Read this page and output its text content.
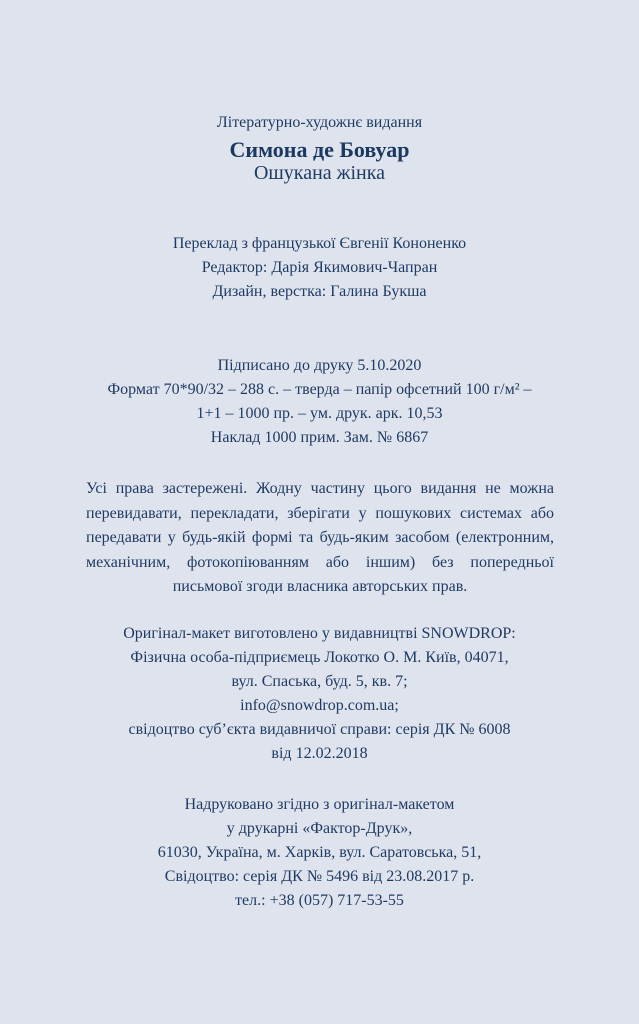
Літературно-художнє видання
Симона де Бовуар
Ошукана жінка
Переклад з французької Євгенії Кононенко
Редактор: Дарія Якимович-Чапран
Дизайн, верстка: Галина Букша
Підписано до друку 5.10.2020
Формат 70*90/32 – 288 с. – тверда – папір офсетний 100 г/м² –
1+1 – 1000 пр. – ум. друк. арк. 10,53
Наклад 1000 прим. Зам. № 6867
Усі права застережені. Жодну частину цього видання не можна перевидавати, перекладати, зберігати у пошукових системах або передавати у будь-якій формі та будь-яким засобом (електронним, механічним, фотокопіюванням або іншим) без попередньої письмової згоди власника авторських прав.
Оригінал-макет виготовлено у видавництві SNOWDROP:
Фізична особа-підприємець Локотко О. М. Київ, 04071,
вул. Спаська, буд. 5, кв. 7;
info@snowdrop.com.ua;
свідоцтво суб’єкта видавничої справи: серія ДК № 6008
від 12.02.2018
Надруковано згідно з оригінал-макетом
у друкарні «Фактор-Друк»,
61030, Україна, м. Харків, вул. Саратовська, 51,
Свідоцтво: серія ДК № 5496 від 23.08.2017 р.
тел.: +38 (057) 717-53-55
